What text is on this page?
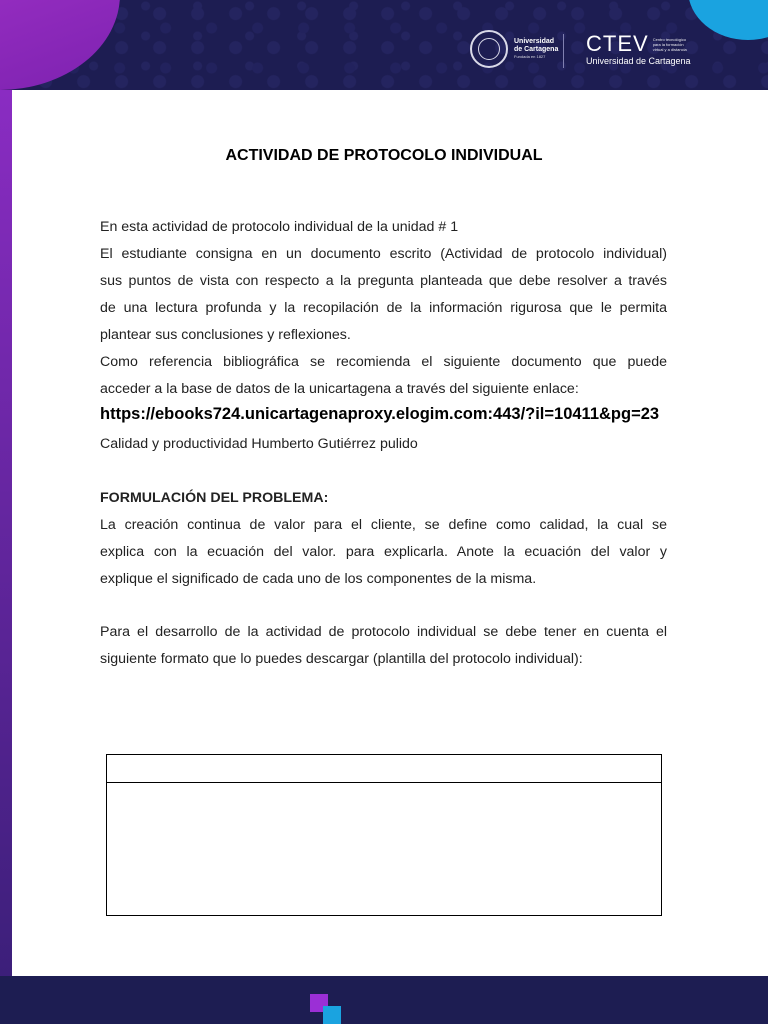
Universidad
de Cartagena
Fundada en 1827
CTEV Centro tecnológico para la formación virtual y a distancia
Universidad de Cartagena
ACTIVIDAD DE PROTOCOLO INDIVIDUAL
En esta actividad de protocolo individual de la unidad # 1
El estudiante consigna en un documento escrito (Actividad de protocolo individual)
sus puntos de vista con respecto a la pregunta planteada que debe resolver a través
de una lectura profunda y la recopilación de la información rigurosa que le permita
plantear sus conclusiones y reflexiones.
Como referencia bibliográfica se recomienda el siguiente documento que puede
acceder a la base de datos de la unicartagena a través del siguiente enlace:
https://ebooks724.unicartagenaproxy.elogim.com:443/?il=10411&pg=23
Calidad y productividad Humberto Gutiérrez pulido
FORMULACIÓN DEL PROBLEMA:
La creación continua de valor para el cliente, se define como calidad, la cual se
explica con la ecuación del valor. para explicarla. Anote la ecuación del valor y
explique el significado de cada uno de los componentes de la misma.
Para el desarrollo de la actividad de protocolo individual se debe tener en cuenta el
siguiente formato que lo puedes descargar (plantilla del protocolo individual):
